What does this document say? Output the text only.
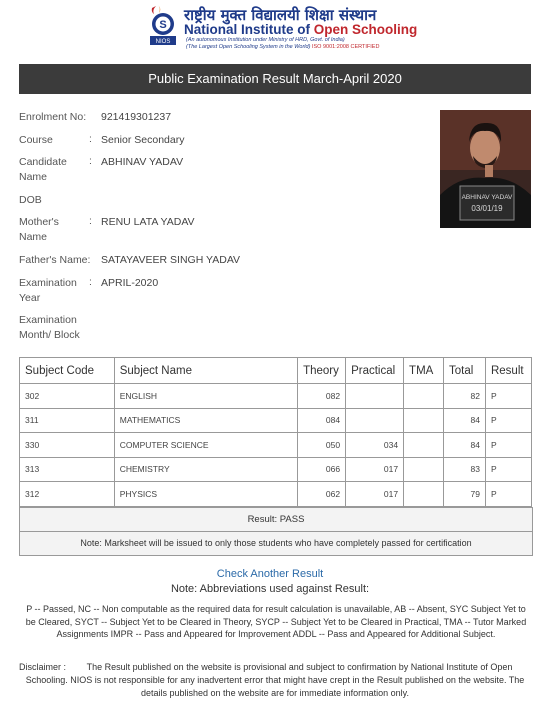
S
NIOS
राष्ट्रीय मुक्त विद्यालयी शिक्षा संस्थान
National Institute of Open Schooling
(An autonomous Institution under Ministry of HRD, Govt. of India)
(The Largest Open Schooling System in the World) ISO 9001:2008 CERTIFIED
Public Examination Result March-April 2020
Enrolment No: 921419301237
Course	: Senior Secondary
Candidate
Name
: ABHINAV YADAV
DOB
Mother's
Name
: RENU LATA YADAV
Father's Name: SATAYAVEER SINGH YADAV
Examination
Year
: APRIL-2020
Examination
Month/ Block
ABHINAV YADAV
03/01/19
Subject Code	Subject Name	Theory	Practical	TMA	Total	Result
302	ENGLISH	082			82	P
311	MATHEMATICS	084			84	P
330	COMPUTER SCIENCE	050	034		84	P
313	CHEMISTRY	066	017		83	P
312	PHYSICS	062	017		79	P
Result: PASS
Note: Marksheet will be issued to only those students who have completely passed for certification
Check Another Result
Note: Abbreviations used against Result:
P -- Passed, NC -- Non computable as the required data for result calculation is unavailable, AB -- Absent, SYC Subject Yet to be Cleared, SYCT -- Subject Yet to be Cleared in Theory, SYCP -- Subject Yet to be Cleared in Practical, TMA -- Tutor Marked Assignments IMPR -- Pass and Appeared for Improvement ADDL -- Pass and Appeared for Additional Subject.
Disclaimer : The Result published on the website is provisional and subject to confirmation by National Institute of Open Schooling. NIOS is not responsible for any inadvertent error that might have crept in the Result published on the website. The details published on the website are for immediate information only.
